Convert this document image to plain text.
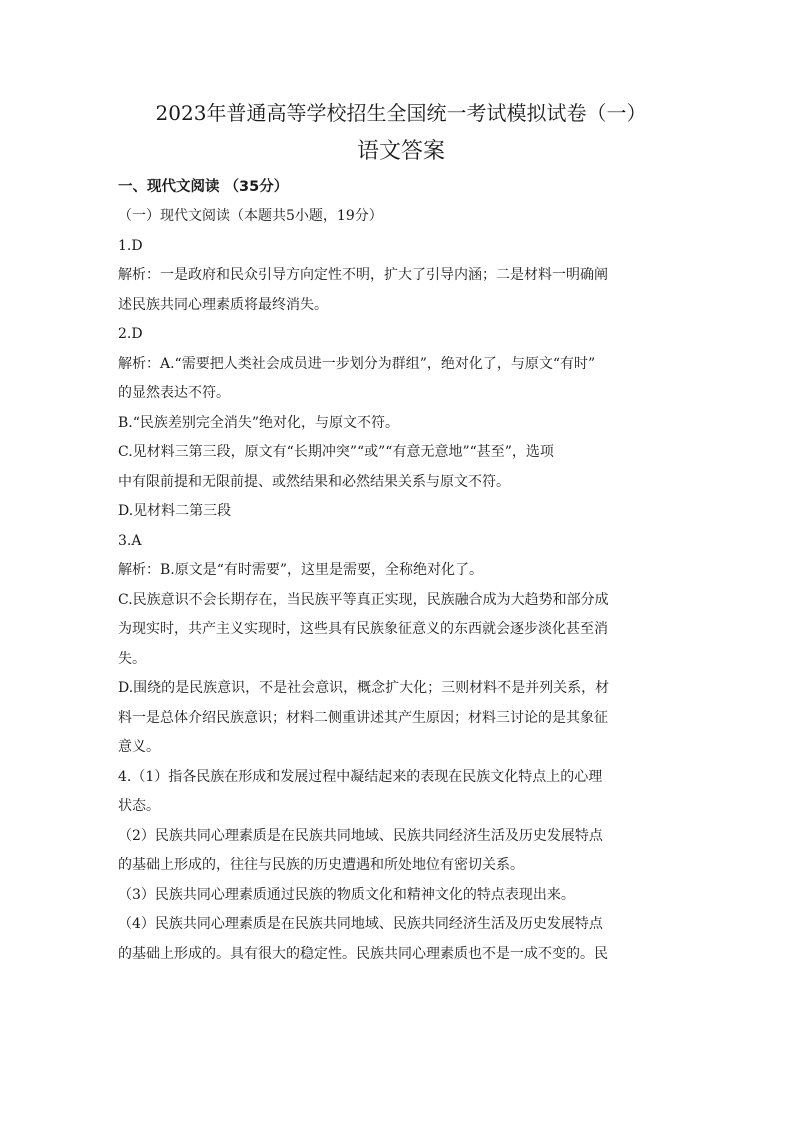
2023年普通高等学校招生全国统一考试模拟试卷（一）
语文答案
一、现代文阅读 （35分）

（一）现代文阅读（本题共5小题，19分）

1.D

解析：一是政府和民众引导方向定性不明，扩大了引导内涵；二是材料一明确阐

述民族共同心理素质将最终消失。

2.D

解析：A.“需要把人类社会成员进一步划分为群组”，绝对化了，与原文“有时”

的显然表达不符。

B.“民族差别完全消失”绝对化，与原文不符。

C.见材料三第三段，原文有“长期冲突”“或”“有意无意地”“甚至”，选项

中有限前提和无限前提、或然结果和必然结果关系与原文不符。

D.见材料二第三段

3.A

解析：B.原文是“有时需要”，这里是需要，全称绝对化了。

C.民族意识不会长期存在，当民族平等真正实现，民族融合成为大趋势和部分成

为现实时，共产主义实现时，这些具有民族象征意义的东西就会逐步淡化甚至消

失。

D.围绕的是民族意识，不是社会意识，概念扩大化；三则材料不是并列关系，材

料一是总体介绍民族意识；材料二侧重讲述其产生原因；材料三讨论的是其象征

意义。

4.（1）指各民族在形成和发展过程中凝结起来的表现在民族文化特点上的心理

状态。

（2）民族共同心理素质是在民族共同地域、民族共同经济生活及历史发展特点

的基础上形成的，往往与民族的历史遭遇和所处地位有密切关系。

（3）民族共同心理素质通过民族的物质文化和精神文化的特点表现出来。

（4）民族共同心理素质是在民族共同地域、民族共同经济生活及历史发展特点

的基础上形成的。具有很大的稳定性。民族共同心理素质也不是一成不变的。民
